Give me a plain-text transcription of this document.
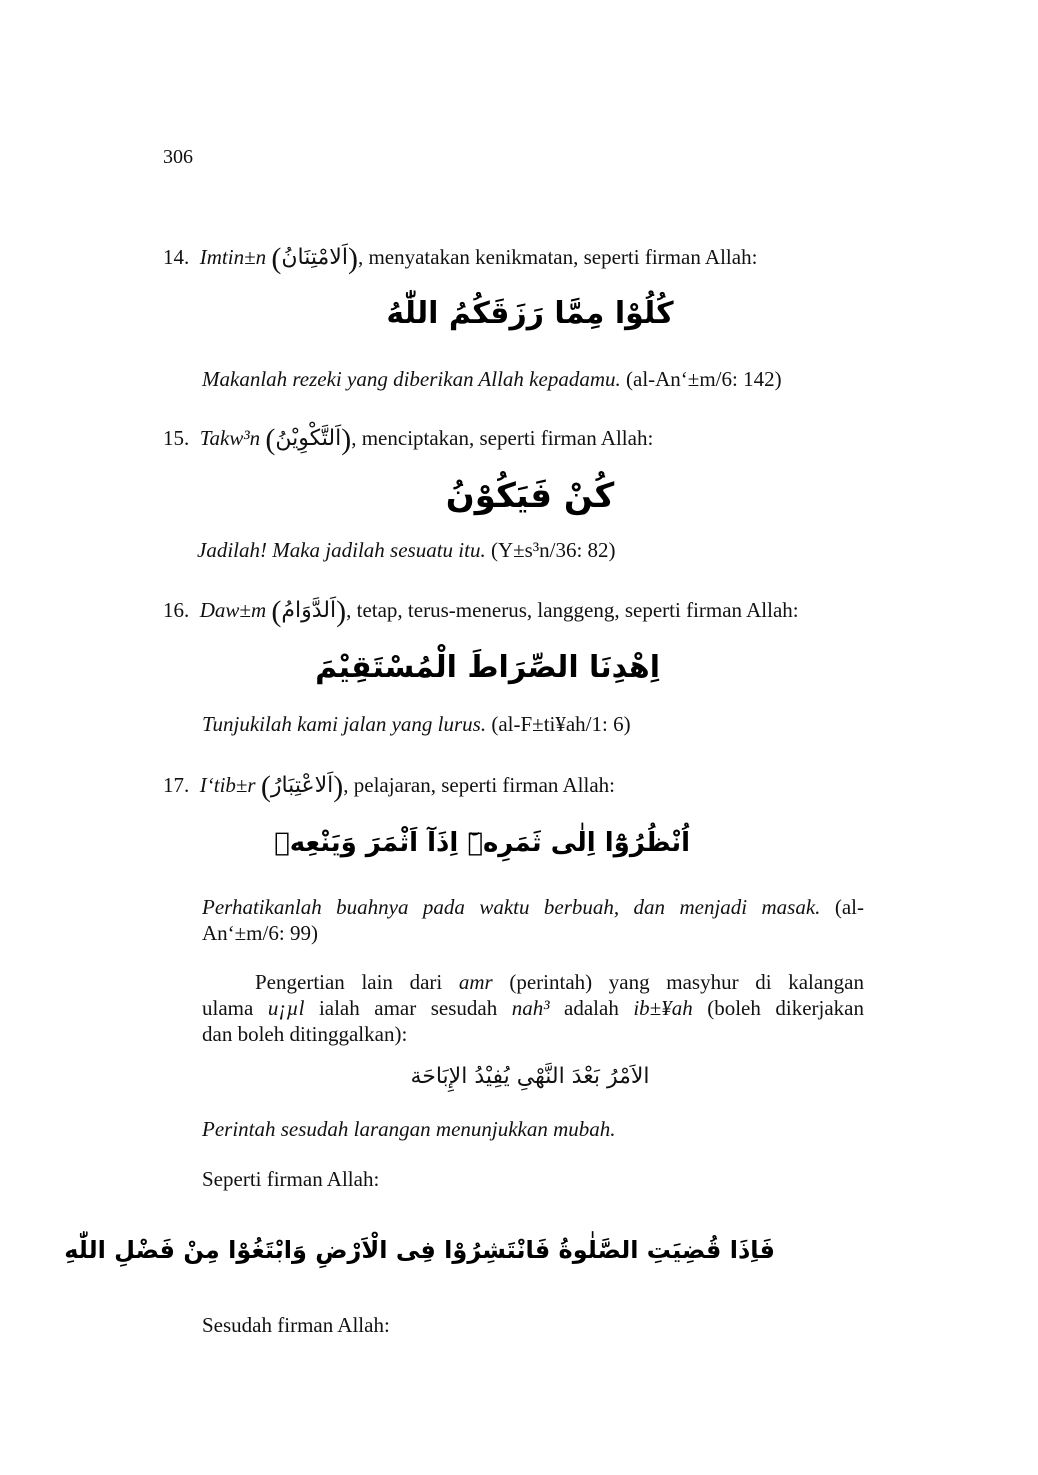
306
14. Imtin±n (اَلامْتِنَانُ), menyatakan kenikmatan, seperti firman Allah:
كُلُوْا مِمَّا رَزَقَكُمُ اللّٰهُ
Makanlah rezeki yang diberikan Allah kepadamu. (al-An‘±m/6: 142)
15. Takw³n (اَلتَّكْوِيْنُ), menciptakan, seperti firman Allah:
كُنْ فَيَكُوْنُ
Jadilah! Maka jadilah sesuatu itu. (Y±s³n/36: 82)
16. Daw±m (اَلدَّوَامُ), tetap, terus-menerus, langgeng, seperti firman Allah:
اِهْدِنَا الصِّرَاطَ الْمُسْتَقِيْمَ
Tunjukilah kami jalan yang lurus. (al-F±ti¥ah/1: 6)
17. I‘tib±r (اَلاعْتِبَارُ), pelajaran, seperti firman Allah:
اُنْظُرُوْٓا اِلٰى ثَمَرِهٖٓ اِذَآ اَثْمَرَ وَيَنْعِهٖ
Perhatikanlah buahnya pada waktu berbuah, dan menjadi masak. (al-
An‘±m/6: 99)
Pengertian lain dari amr (perintah) yang masyhur di kalangan
ulama u¡µl ialah amar sesudah nah³ adalah ib±¥ah (boleh dikerjakan
dan boleh ditinggalkan):
الاَمْرُ بَعْدَ النَّهْىِ يُفِيْدُ الإِبَاحَة
Perintah sesudah larangan menunjukkan mubah.
Seperti firman Allah:
فَاِذَا قُضِيَتِ الصَّلٰوةُ فَانْتَشِرُوْا فِى الْاَرْضِ وَابْتَغُوْا مِنْ فَضْلِ اللّٰهِ
Sesudah firman Allah:
